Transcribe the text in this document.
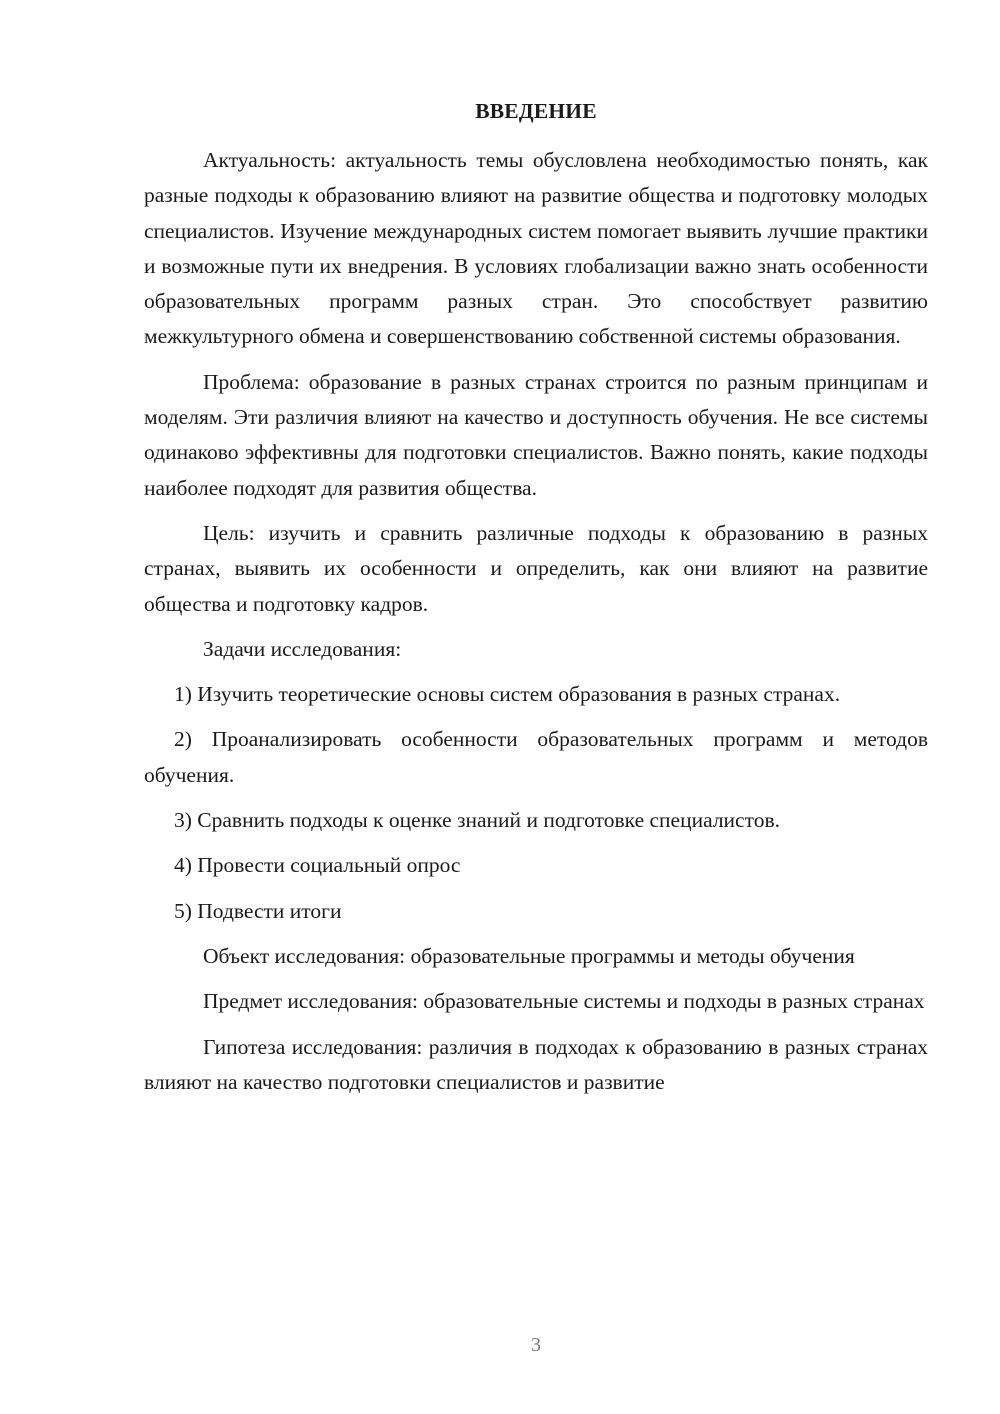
ВВЕДЕНИЕ

Актуальность: актуальность темы обусловлена необходимостью понять, как разные подходы к образованию влияют на развитие общества и подготовку молодых специалистов. Изучение международных систем помогает выявить лучшие практики и возможные пути их внедрения. В условиях глобализации важно знать особенности образовательных программ разных стран. Это способствует развитию межкультурного обмена и совершенствованию собственной системы образования.

Проблема: образование в разных странах строится по разным принципам и моделям. Эти различия влияют на качество и доступность обучения. Не все системы одинаково эффективны для подготовки специалистов. Важно понять, какие подходы наиболее подходят для развития общества.

Цель: изучить и сравнить различные подходы к образованию в разных странах, выявить их особенности и определить, как они влияют на развитие общества и подготовку кадров.

Задачи исследования:

1) Изучить теоретические основы систем образования в разных странах.

2) Проанализировать особенности образовательных программ и методов обучения.

3) Сравнить подходы к оценке знаний и подготовке специалистов.

4) Провести социальный опрос

5) Подвести итоги

Объект исследования: образовательные программы и методы обучения

Предмет исследования: образовательные системы и подходы в разных странах

Гипотеза исследования: различия в подходах к образованию в разных странах влияют на качество подготовки специалистов и развитие

3
